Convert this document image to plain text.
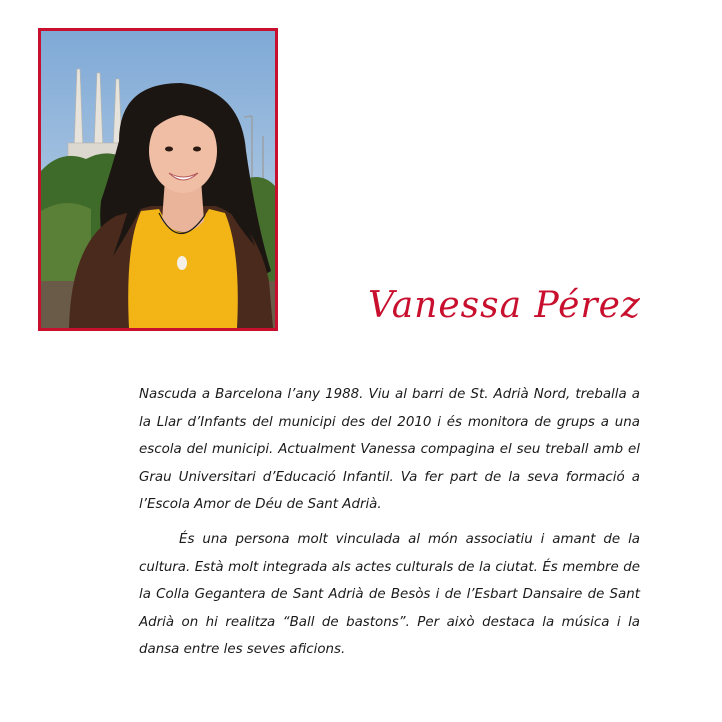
Vanessa Pérez

Nascuda a Barcelona l’any 1988. Viu al barri de St. Adrià Nord, treballa a la Llar d’Infants del municipi des del 2010 i és monitora de grups a una escola del municipi. Actualment Vanessa compagina el seu treball amb el Grau Universitari d’Educació Infantil. Va fer part de la seva formació a l’Escola Amor de Déu de Sant Adrià.

És una persona molt vinculada al món associatiu i amant de la cultura. Està molt integrada als actes culturals de la ciutat. És membre de la Colla Gegantera de Sant Adrià de Besòs i de l’Esbart Dansaire de Sant Adrià on hi realitza “Ball de bastons”. Per això destaca la música i la dansa entre les seves aficions.
